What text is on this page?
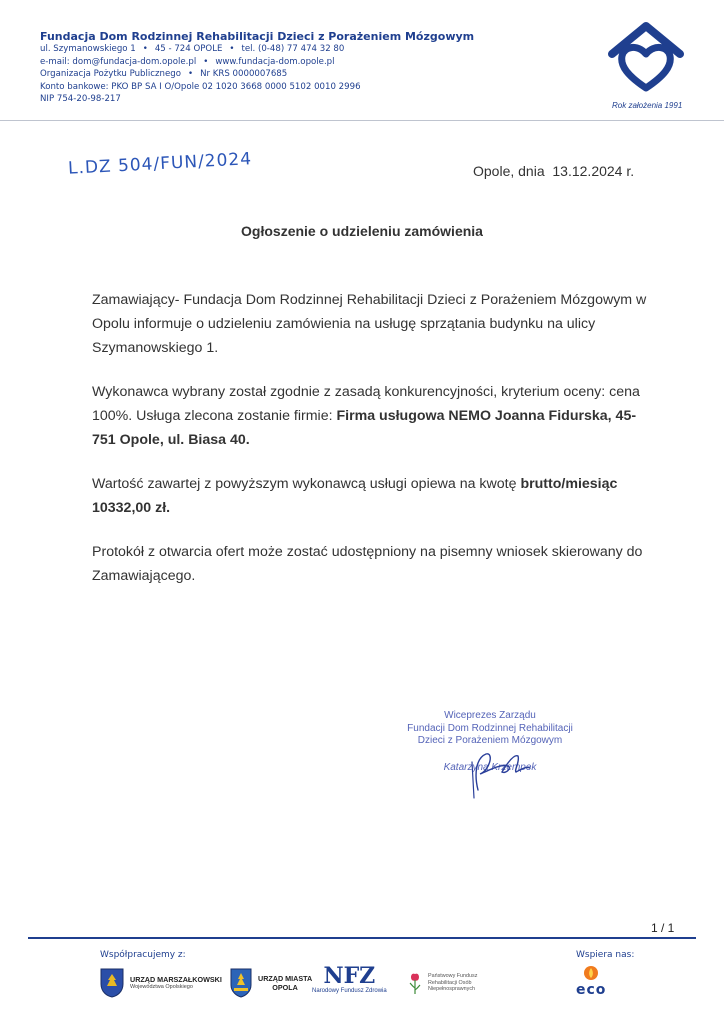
Fundacja Dom Rodzinnej Rehabilitacji Dzieci z Porażeniem Mózgowym
ul. Szymanowskiego 1 • 45 - 724 OPOLE • tel. (0-48) 77 474 32 80
e-mail: dom@fundacja-dom.opole.pl • www.fundacja-dom.opole.pl
Organizacja Pożytku Publicznego • Nr KRS 0000007685
Konto bankowe: PKO BP SA I O/Opole 02 1020 3668 0000 5102 0010 2996
NIP 754-20-98-217
Rok założenia 1991
L.DZ 504/FUN/2024	Opole, dnia 13.12.2024 r.
Ogłoszenie o udzieleniu zamówienia

Zamawiający- Fundacja Dom Rodzinnej Rehabilitacji Dzieci z Porażeniem Mózgowym w Opolu informuje o udzieleniu zamówienia na usługę sprzątania budynku na ulicy Szymanowskiego 1.

Wykonawca wybrany został zgodnie z zasadą konkurencyjności, kryterium oceny: cena 100%. Usługa zlecona zostanie firmie: Firma usługowa NEMO Joanna Fidurska, 45-751 Opole, ul. Biasa 40.

Wartość zawartej z powyższym wykonawcą usługi opiewa na kwotę brutto/miesiąc 10332,00 zł.

Protokół z otwarcia ofert może zostać udostępniony na pisemny wniosek skierowany do Zamawiającego.

Wiceprezes Zarządu
Fundacji Dom Rodzinnej Rehabilitacji
Dzieci z Porażeniem Mózgowym
Katarzyna Krzempek
1 / 1
Współpracujemy z:	Wspiera nas:
URZĄD MARSZAŁKOWSKI
Województwa Opolskiego
URZĄD MIASTA
OPOLA	NFZ
Narodowy Fundusz Zdrowia
Państwowy Fundusz
Rehabilitacji Osób
Niepełnosprawnych	eco
